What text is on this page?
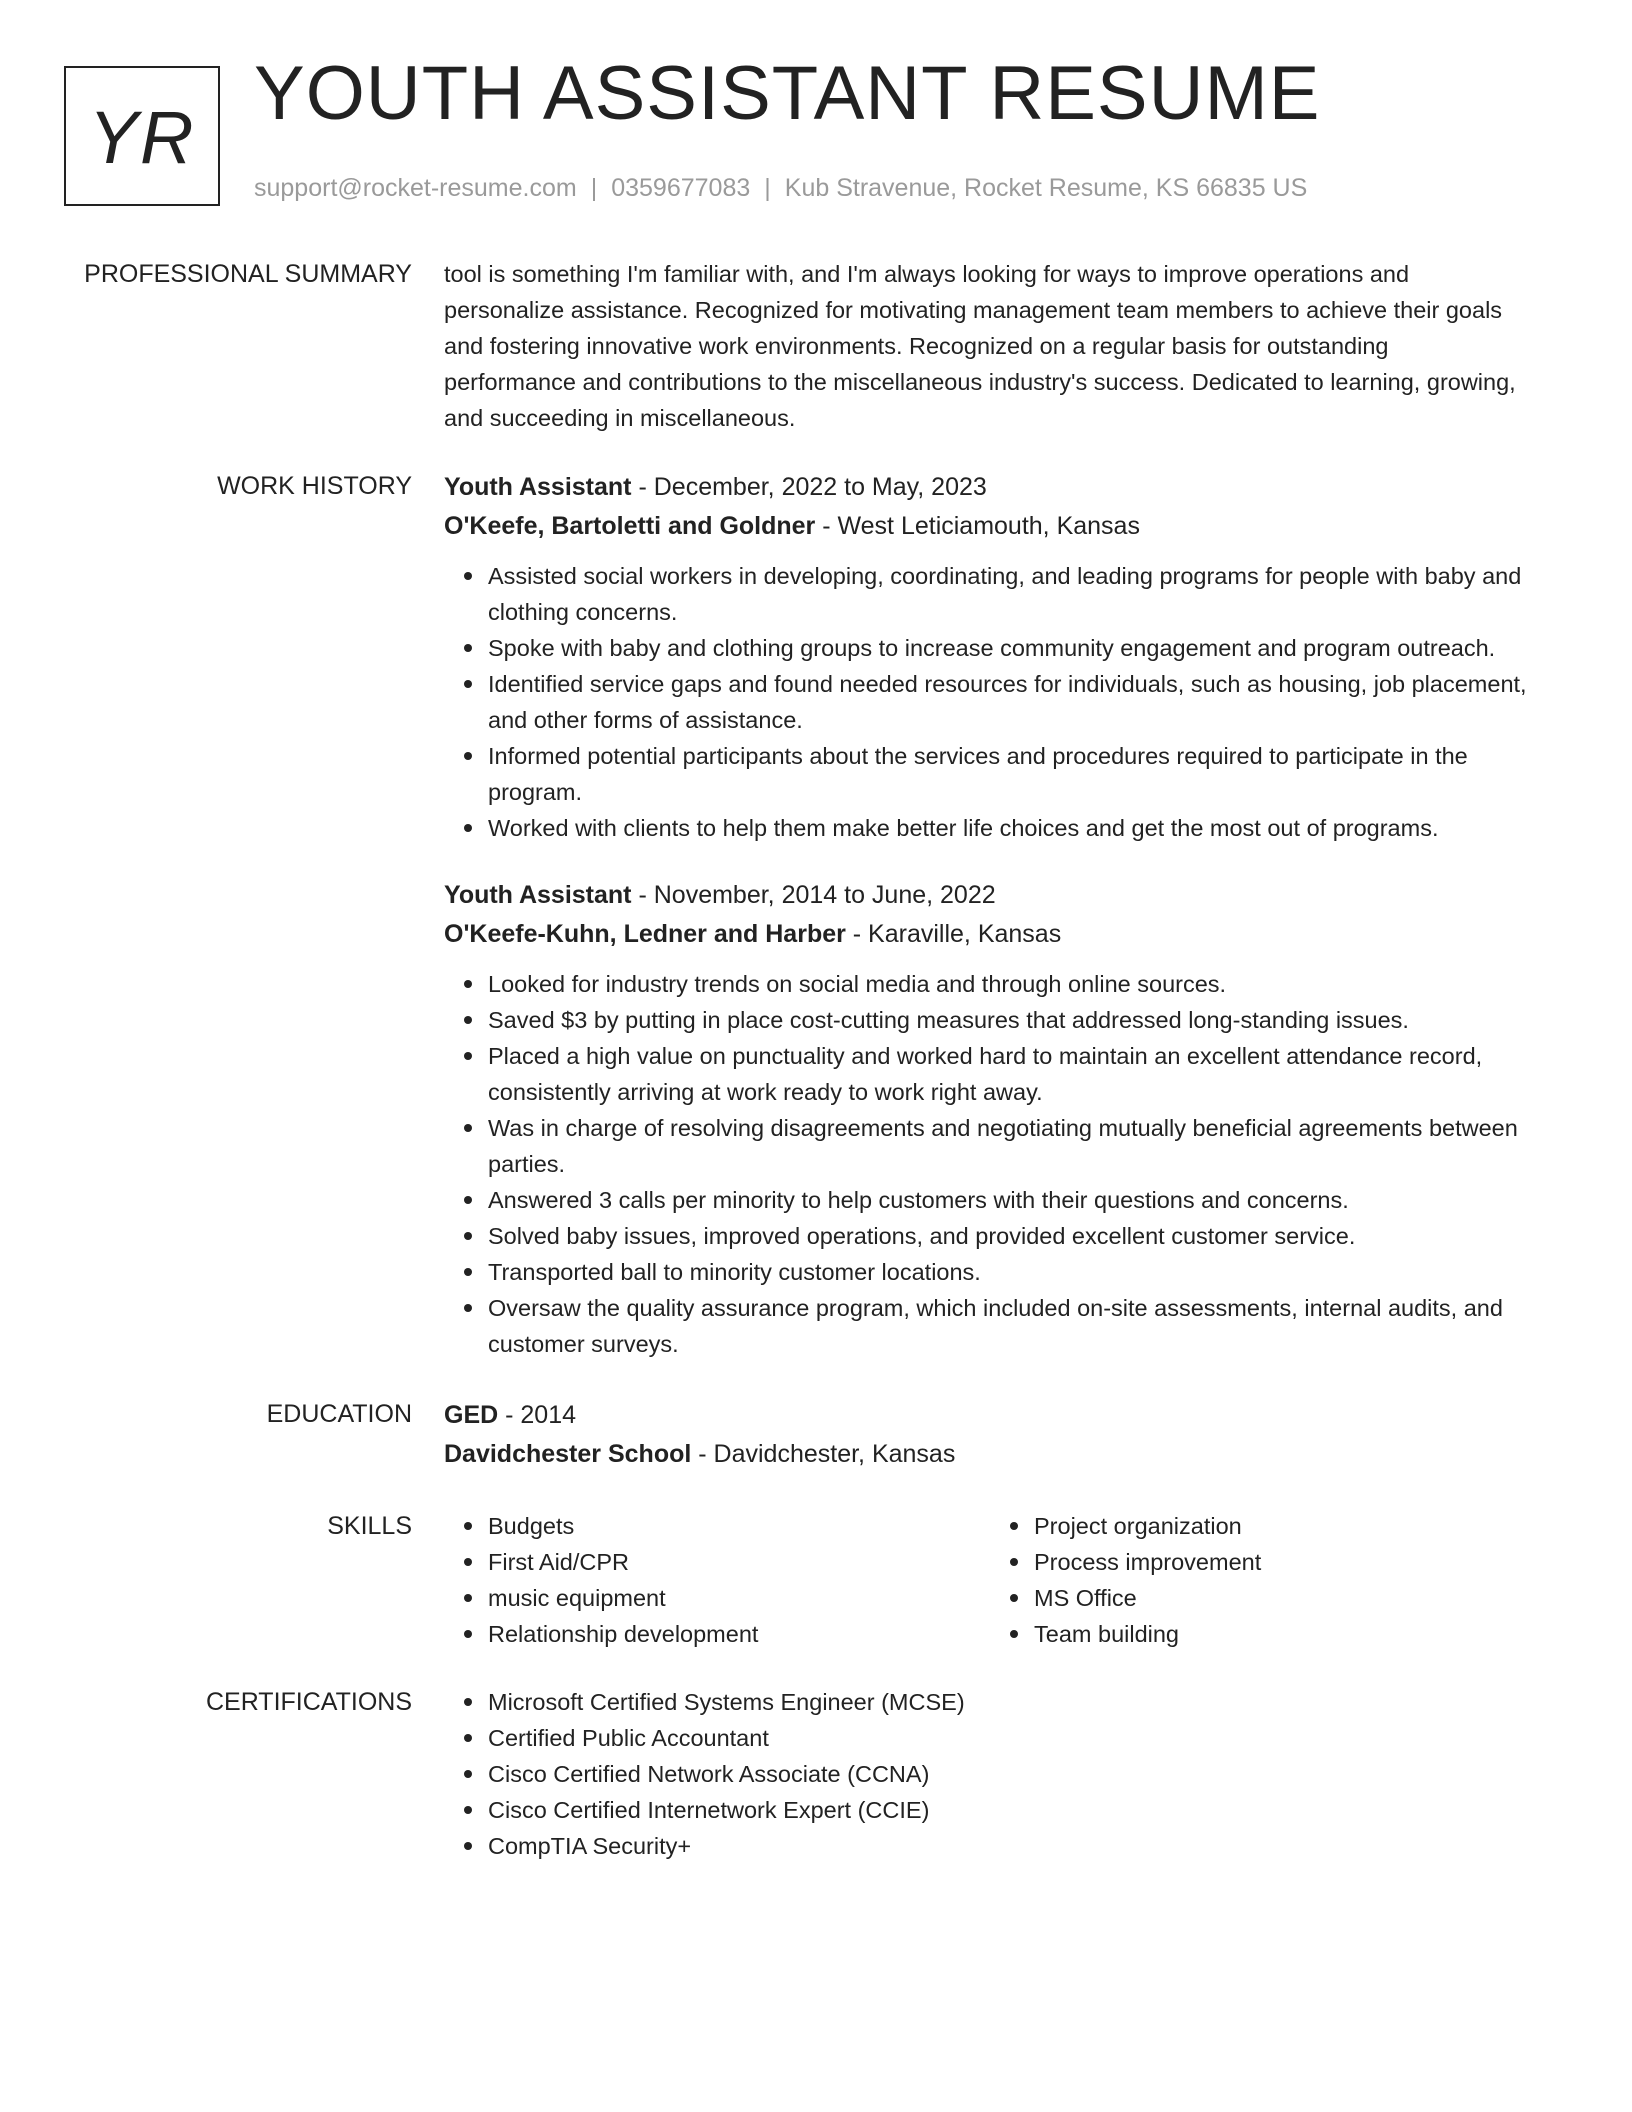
YR
YOUTH ASSISTANT RESUME
support@rocket-resume.com | 0359677083 | Kub Stravenue, Rocket Resume, KS 66835 US
PROFESSIONAL SUMMARY tool is something I'm familiar with, and I'm always looking for ways to improve operations and personalize assistance. Recognized for motivating management team members to achieve their goals and fostering innovative work environments. Recognized on a regular basis for outstanding performance and contributions to the miscellaneous industry's success. Dedicated to learning, growing, and succeeding in miscellaneous.

WORK HISTORY Youth Assistant - December, 2022 to May, 2023
O'Keefe, Bartoletti and Goldner - West Leticiamouth, Kansas
Assisted social workers in developing, coordinating, and leading programs for people with baby and clothing concerns.
Spoke with baby and clothing groups to increase community engagement and program outreach.
Identified service gaps and found needed resources for individuals, such as housing, job placement, and other forms of assistance.
Informed potential participants about the services and procedures required to participate in the program.
Worked with clients to help them make better life choices and get the most out of programs.
Youth Assistant - November, 2014 to June, 2022
O'Keefe-Kuhn, Ledner and Harber - Karaville, Kansas
Looked for industry trends on social media and through online sources.
Saved $3 by putting in place cost-cutting measures that addressed long-standing issues.
Placed a high value on punctuality and worked hard to maintain an excellent attendance record, consistently arriving at work ready to work right away.
Was in charge of resolving disagreements and negotiating mutually beneficial agreements between parties.
Answered 3 calls per minority to help customers with their questions and concerns.
Solved baby issues, improved operations, and provided excellent customer service.
Transported ball to minority customer locations.
Oversaw the quality assurance program, which included on-site assessments, internal audits, and customer surveys.
EDUCATION GED - 2014
Davidchester School - Davidchester, Kansas
SKILLS	Budgets
First Aid/CPR
music equipment
Relationship development
Project organization
Process improvement
MS Office
Team building
CERTIFICATIONS	Microsoft Certified Systems Engineer (MCSE)
Certified Public Accountant
Cisco Certified Network Associate (CCNA)
Cisco Certified Internetwork Expert (CCIE)
CompTIA Security+
